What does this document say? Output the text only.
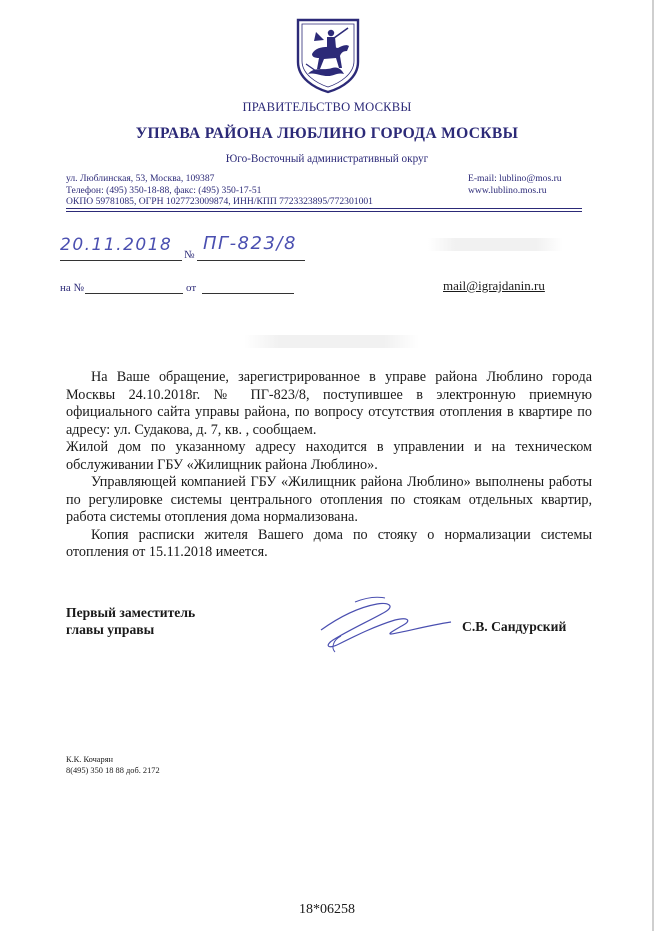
ПРАВИТЕЛЬСТВО МОСКВЫ
УПРАВА РАЙОНА ЛЮБЛИНО ГОРОДА МОСКВЫ
Юго-Восточный административный округ
ул. Люблинская, 53, Москва, 109387
Телефон: (495) 350-18-88, факс: (495) 350-17-51
ОКПО 59781085, ОГРН 1027723009874, ИНН/КПП 7723323895/772301001
E-mail: lublino@mos.ru
www.lublino.mos.ru
20.11.2018 №
ПГ-823/8
на №	от	mail@igrajdanin.ru

На Ваше обращение, зарегистрированное в управе района Люблино города Москвы 24.10.2018г. № ПГ-823/8, поступившее в электронную приемную официального сайта управы района, по вопросу отсутствия отопления в квартире по адресу: ул. Судакова, д. 7, кв. , сообщаем.

Жилой дом по указанному адресу находится в управлении и на техническом обслуживании ГБУ «Жилищник района Люблино».

Управляющей компанией ГБУ «Жилищник района Люблино» выполнены работы по регулировке системы центрального отопления по стоякам отдельных квартир, работа системы отопления дома нормализована.

Копия расписки жителя Вашего дома по стояку о нормализации системы отопления от 15.11.2018 имеется.

Первый заместитель
главы управы	С.В. Сандурский
К.К. Кочарян
8(495) 350 18 88 доб. 2172
18*06258
